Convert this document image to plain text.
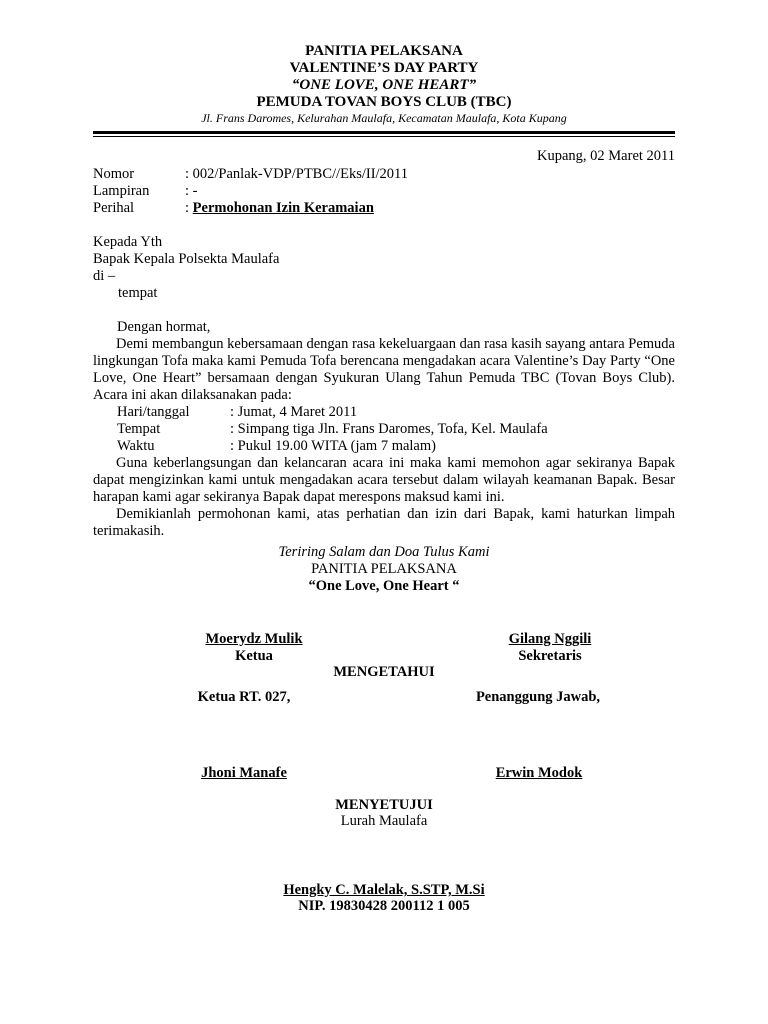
PANITIA PELAKSANA
VALENTINE’S DAY PARTY
“ONE LOVE, ONE HEART”
PEMUDA TOVAN BOYS CLUB (TBC)
Jl. Frans Daromes, Kelurahan Maulafa, Kecamatan Maulafa, Kota Kupang
Kupang, 02 Maret 2011
Nomor	: 002/Panlak-VDP/PTBC//Eks/II/2011
Lampiran : -
Perihal	: Permohonan Izin Keramaian
Kepada Yth
Bapak Kepala Polsekta Maulafa
di –
tempat
Dengan hormat,
Demi membangun kebersamaan dengan rasa kekeluargaan dan rasa kasih sayang antara Pemuda lingkungan Tofa maka kami Pemuda Tofa berencana mengadakan acara Valentine’s Day Party “One Love, One Heart” bersamaan dengan Syukuran Ulang Tahun Pemuda TBC (Tovan Boys Club). Acara ini akan dilaksanakan pada:
Hari/tanggal	: Jumat, 4 Maret 2011
Tempat	: Simpang tiga Jln. Frans Daromes, Tofa, Kel. Maulafa
Waktu	: Pukul 19.00 WITA (jam 7 malam)
Guna keberlangsungan dan kelancaran acara ini maka kami memohon agar sekiranya Bapak dapat mengizinkan kami untuk mengadakan acara tersebut dalam wilayah keamanan Bapak. Besar harapan kami agar sekiranya Bapak dapat merespons maksud kami ini.
Demikianlah permohonan kami, atas perhatian dan izin dari Bapak, kami haturkan limpah terimakasih.
Teriring Salam dan Doa Tulus Kami
PANITIA PELAKSANA
“One Love, One Heart “
Moerydz Mulik
Ketua
Gilang Nggili
Sekretaris
MENGETAHUI
Ketua RT. 027,	Penanggung Jawab,
Jhoni Manafe	Erwin Modok
MENYETUJUI
Lurah Maulafa
Hengky C. Malelak, S.STP, M.Si
NIP. 19830428 200112 1 005
